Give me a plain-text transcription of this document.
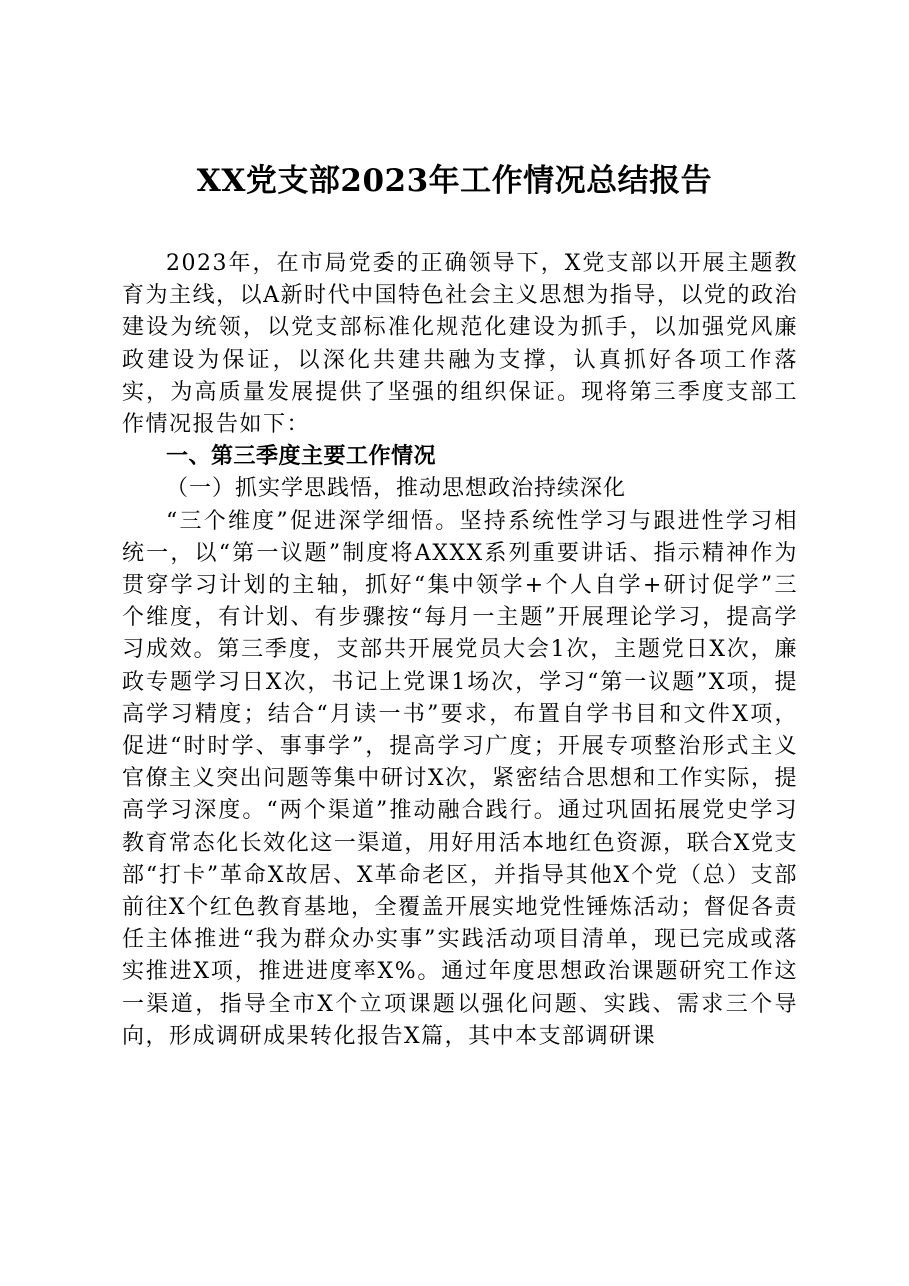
XX党支部2023年工作情况总结报告

2023年，在市局党委的正确领导下，X党支部以开展主题教育为主线，以A新时代中国特色社会主义思想为指导，以党的政治建设为统领，以党支部标准化规范化建设为抓手，以加强党风廉政建设为保证，以深化共建共融为支撑，认真抓好各项工作落实，为高质量发展提供了坚强的组织保证。现将第三季度支部工作情况报告如下：

一、第三季度主要工作情况

（一）抓实学思践悟，推动思想政治持续深化

“三个维度”促进深学细悟。坚持系统性学习与跟进性学习相统一，以“第一议题”制度将AXXX系列重要讲话、指示精神作为贯穿学习计划的主轴，抓好“集中领学+个人自学+研讨促学”三个维度，有计划、有步骤按“每月一主题”开展理论学习，提高学习成效。第三季度，支部共开展党员大会1次，主题党日X次，廉政专题学习日X次，书记上党课1场次，学习“第一议题”X项，提高学习精度；结合“月读一书”要求，布置自学书目和文件X项，促进“时时学、事事学”，提高学习广度；开展专项整治形式主义官僚主义突出问题等集中研讨X次，紧密结合思想和工作实际，提高学习深度。“两个渠道”推动融合践行。通过巩固拓展党史学习教育常态化长效化这一渠道，用好用活本地红色资源，联合X党支部“打卡”革命X故居、X革命老区，并指导其他X个党（总）支部前往X个红色教育基地，全覆盖开展实地党性锤炼活动；督促各责任主体推进“我为群众办实事”实践活动项目清单，现已完成或落实推进X项，推进进度率X%。通过年度思想政治课题研究工作这一渠道，指导全市X个立项课题以强化问题、实践、需求三个导向，形成调研成果转化报告X篇，其中本支部调研课
